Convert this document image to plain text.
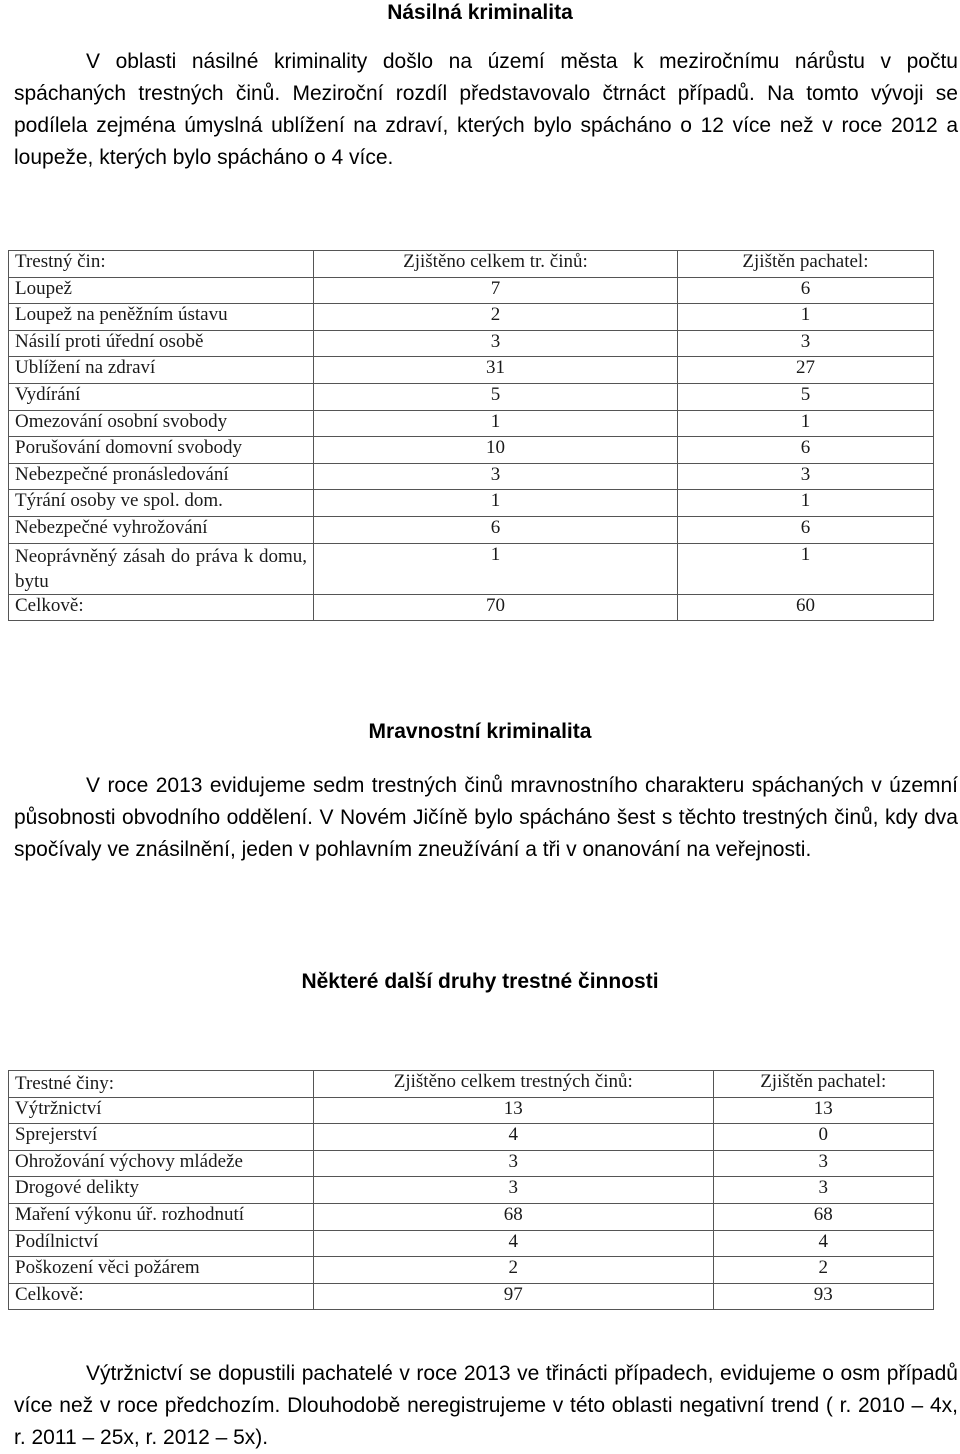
Násilná kriminalita

V oblasti násilné kriminality došlo na území města k meziročnímu nárůstu v počtu spáchaných trestných činů. Meziroční rozdíl představovalo čtrnáct případů. Na tomto vývoji se podílela zejména úmyslná ublížení na zdraví, kterých bylo spácháno o 12 více než v roce 2012 a loupeže, kterých bylo spácháno o 4 více.

Trestný čin:	Zjištěno celkem tr. činů:	Zjištěn pachatel:
Loupež	7	6
Loupež na peněžním ústavu	2	1
Násilí proti úřední osobě	3	3
Ublížení na zdraví	31	27
Vydírání	5	5
Omezování osobní svobody	1	1
Porušování domovní svobody	10	6
Nebezpečné pronásledování	3	3
Týrání osoby ve spol. dom.	1	1
Nebezpečné vyhrožování	6	6
Neoprávněný zásah do práva k domu, bytu	1	1
Celkově:	70	60
Mravnostní kriminalita

V roce 2013 evidujeme sedm trestných činů mravnostního charakteru spáchaných v územní působnosti obvodního oddělení. V Novém Jičíně bylo spácháno šest s těchto trestných činů, kdy dva spočívaly ve znásilnění, jeden v pohlavním zneužívání a tři v onanování na veřejnosti.

Některé další druhy trestné činnosti
Trestné činy:	Zjištěno celkem trestných činů:	Zjištěn pachatel:
Výtržnictví	13	13
Sprejerství	4	0
Ohrožování výchovy mládeže	3	3
Drogové delikty	3	3
Maření výkonu úř. rozhodnutí	68	68
Podílnictví	4	4
Poškození věci požárem	2	2
Celkově:	97	93

Výtržnictví se dopustili pachatelé v roce 2013 ve třinácti případech, evidujeme o osm případů více než v roce předchozím. Dlouhodobě neregistrujeme v této oblasti negativní trend ( r. 2010 – 4x, r. 2011 – 25x, r. 2012 – 5x).
